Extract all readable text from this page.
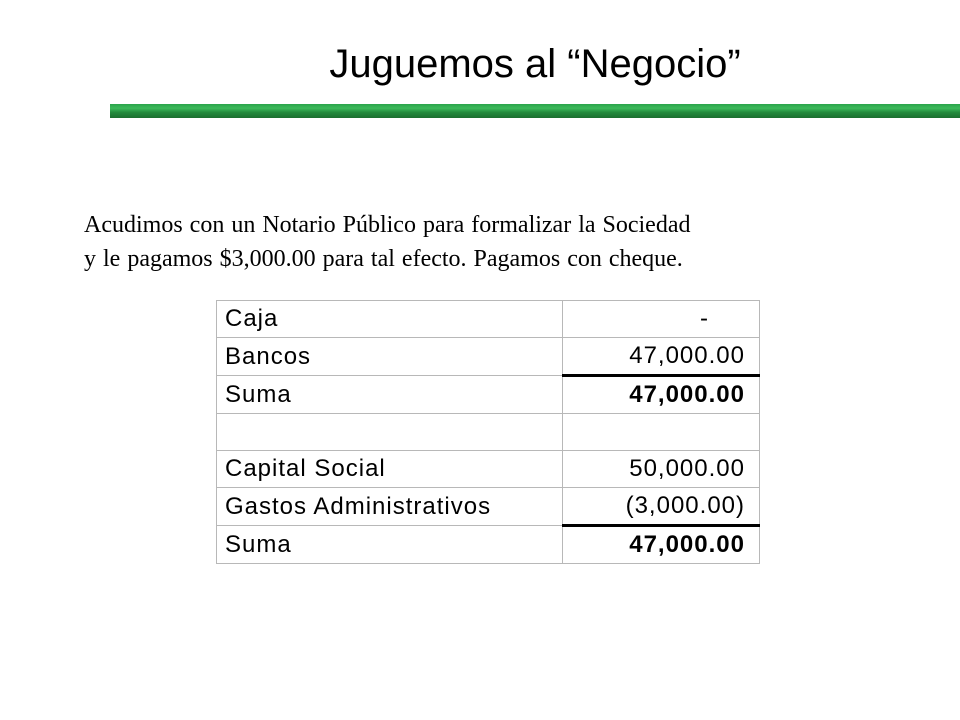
Juguemos al “Negocio”

Acudimos con un Notario Público para formalizar la Sociedad
y le pagamos $3,000.00 para tal efecto. Pagamos con cheque.

Caja	-
Bancos	47,000.00
Suma	47,000.00

Capital Social	50,000.00
Gastos Administrativos	(3,000.00)
Suma	47,000.00
